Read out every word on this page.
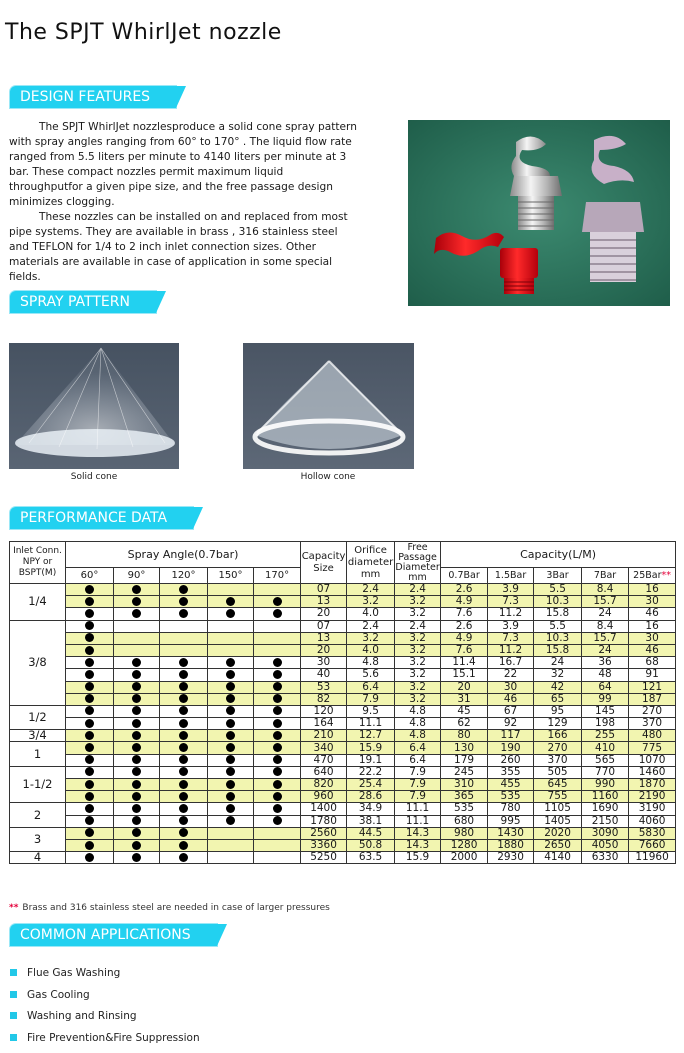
The SPJT WhirlJet nozzle
DESIGN FEATURES

The SPJT WhirlJet nozzlesproduce a solid cone spray pattern with spray angles ranging from 60° to 170° . The liquid flow rate ranged from 5.5 liters per minute to 4140 liters per minute at 3 bar. These compact nozzles permit maximum liquid throughputfor a given pipe size, and the free passage design minimizes clogging.

These nozzles can be installed on and replaced from most pipe systems. They are available in brass , 316 stainless steel and TEFLON for 1/4 to 2 inch inlet connection sizes. Other materials are available in case of application in some special fields.

SPRAY PATTERN
Solid cone	Hollow cone
PERFORMANCE DATA
Inlet Conn. NPY or BSPT(M)	Spray Angle(0.7bar)					Capacity Size	Orifice diameter mm	Free Passage Diameter mm	Capacity(L/M)				
	60°	90°	120°	150°	170°				0.7Bar	1.5Bar	3Bar	7Bar	25Bar**
1/4						07	2.4	2.4	2.6	3.9	5.5	8.4	16
						13	3.2	3.2	4.9	7.3	10.3	15.7	30
						20	4.0	3.2	7.6	11.2	15.8	24	46
3/8						07	2.4	2.4	2.6	3.9	5.5	8.4	16
						13	3.2	3.2	4.9	7.3	10.3	15.7	30
						20	4.0	3.2	7.6	11.2	15.8	24	46
						30	4.8	3.2	11.4	16.7	24	36	68
						40	5.6	3.2	15.1	22	32	48	91
						53	6.4	3.2	20	30	42	64	121
						82	7.9	3.2	31	46	65	99	187
1/2						120	9.5	4.8	45	67	95	145	270
						164	11.1	4.8	62	92	129	198	370
3/4						210	12.7	4.8	80	117	166	255	480
1						340	15.9	6.4	130	190	270	410	775
						470	19.1	6.4	179	260	370	565	1070
1-1/2						640	22.2	7.9	245	355	505	770	1460
						820	25.4	7.9	310	455	645	990	1870
						960	28.6	7.9	365	535	755	1160	2190
2						1400	34.9	11.1	535	780	1105	1690	3190
						1780	38.1	11.1	680	995	1405	2150	4060
3						2560	44.5	14.3	980	1430	2020	3090	5830
						3360	50.8	14.3	1280	1880	2650	4050	7660
4						5250	63.5	15.9	2000	2930	4140	6330	11960
** Brass and 316 stainless steel are needed in case of larger pressures
COMMON APPLICATIONS
Flue Gas Washing
Gas Cooling
Washing and Rinsing
Fire Prevention&Fire Suppression
